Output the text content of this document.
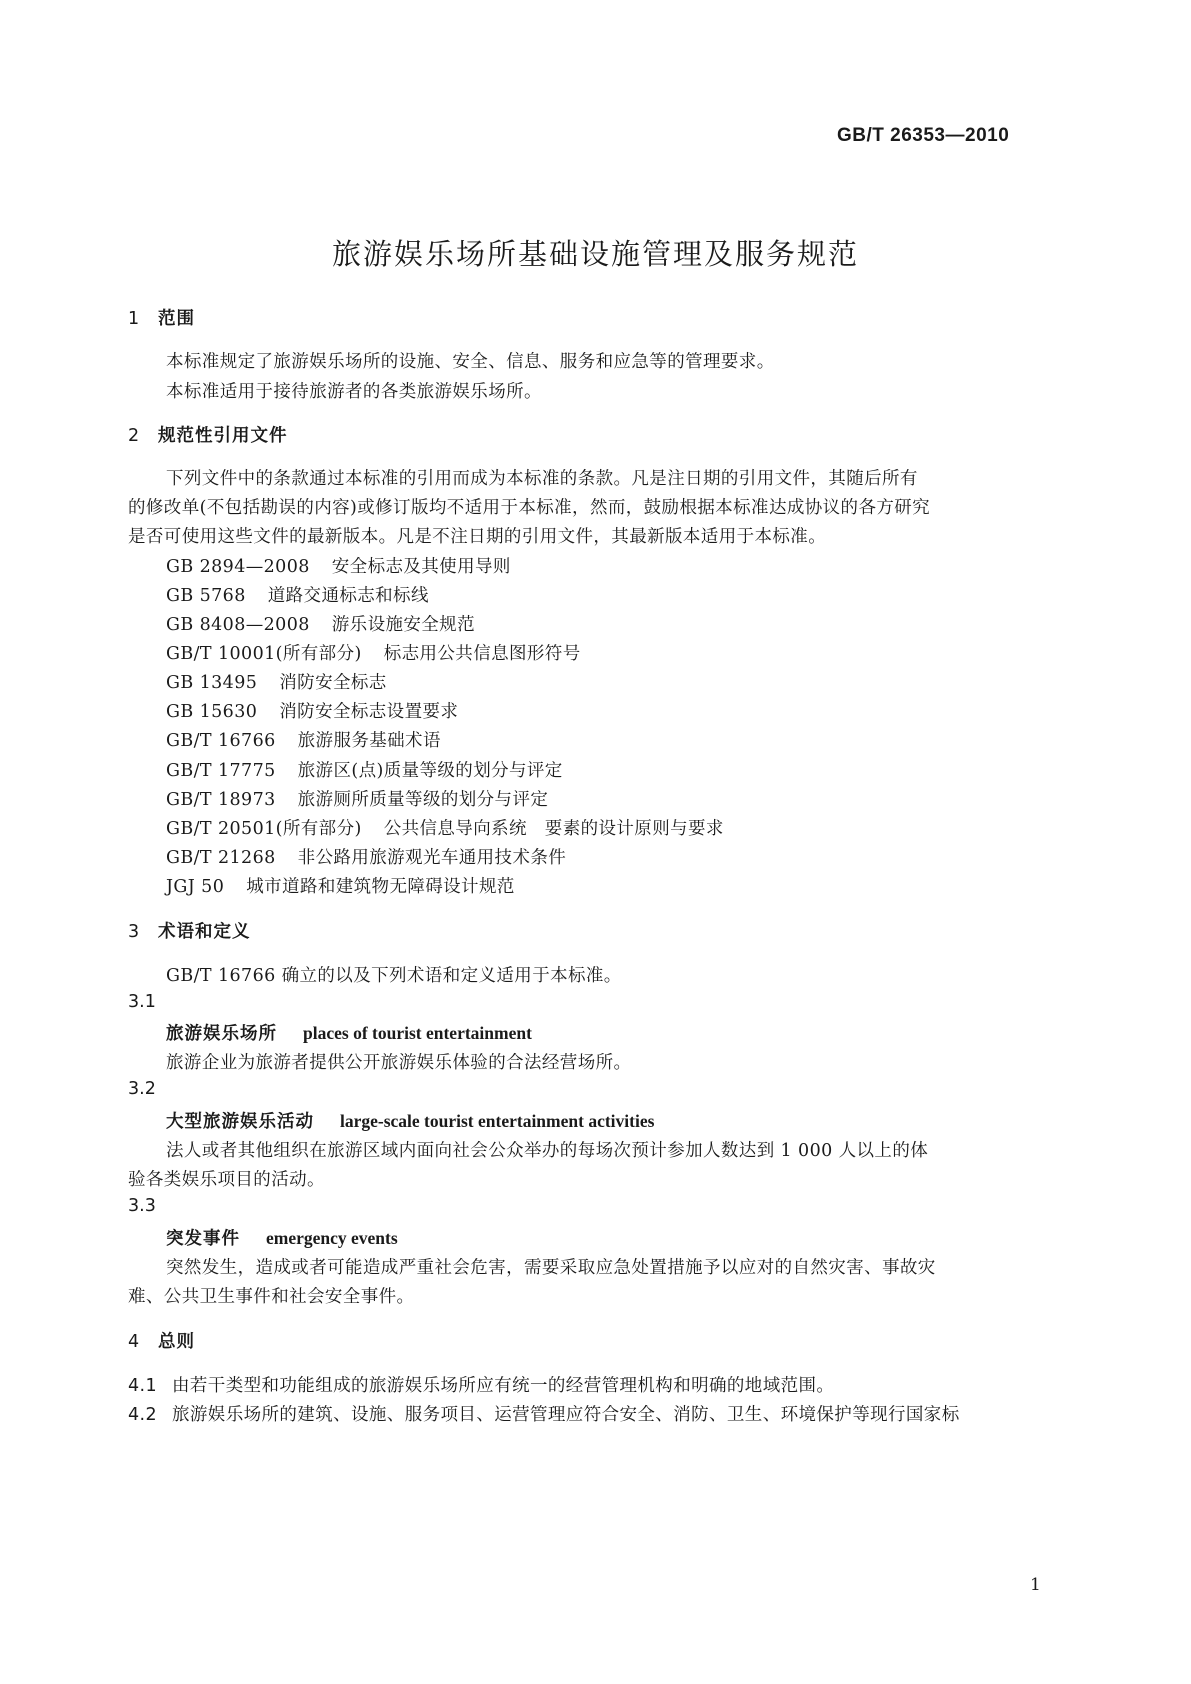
GB/T 26353—2010
旅游娱乐场所基础设施管理及服务规范
1 范围
本标准规定了旅游娱乐场所的设施、安全、信息、服务和应急等的管理要求。
本标准适用于接待旅游者的各类旅游娱乐场所。
2 规范性引用文件
下列文件中的条款通过本标准的引用而成为本标准的条款。凡是注日期的引用文件，其随后所有
的修改单(不包括勘误的内容)或修订版均不适用于本标准，然而，鼓励根据本标准达成协议的各方研究
是否可使用这些文件的最新版本。凡是不注日期的引用文件，其最新版本适用于本标准。
GB 2894—2008 安全标志及其使用导则
GB 5768 道路交通标志和标线
GB 8408—2008 游乐设施安全规范
GB/T 10001(所有部分) 标志用公共信息图形符号
GB 13495 消防安全标志
GB 15630 消防安全标志设置要求
GB/T 16766 旅游服务基础术语
GB/T 17775 旅游区(点)质量等级的划分与评定
GB/T 18973 旅游厕所质量等级的划分与评定
GB/T 20501(所有部分) 公共信息导向系统　要素的设计原则与要求
GB/T 21268 非公路用旅游观光车通用技术条件
JGJ 50 城市道路和建筑物无障碍设计规范
3 术语和定义
GB/T 16766 确立的以及下列术语和定义适用于本标准。
3.1
旅游娱乐场所 places of tourist entertainment
旅游企业为旅游者提供公开旅游娱乐体验的合法经营场所。
3.2
大型旅游娱乐活动 large-scale tourist entertainment activities
法人或者其他组织在旅游区域内面向社会公众举办的每场次预计参加人数达到 1 000 人以上的体
验各类娱乐项目的活动。
3.3
突发事件 emergency events
突然发生，造成或者可能造成严重社会危害，需要采取应急处置措施予以应对的自然灾害、事故灾
难、公共卫生事件和社会安全事件。
4 总则
4.1 由若干类型和功能组成的旅游娱乐场所应有统一的经营管理机构和明确的地域范围。
4.2 旅游娱乐场所的建筑、设施、服务项目、运营管理应符合安全、消防、卫生、环境保护等现行国家标
1
